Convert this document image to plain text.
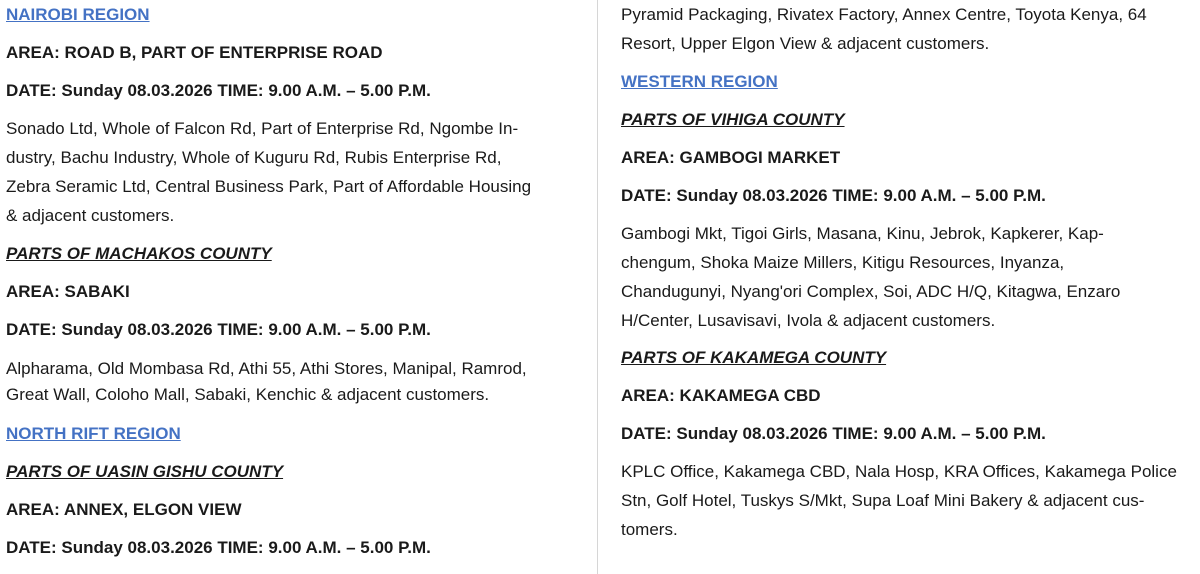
NAIROBI REGION
AREA: ROAD B, PART OF ENTERPRISE ROAD
DATE: Sunday 08.03.2026 TIME: 9.00 A.M. – 5.00 P.M.
Sonado Ltd, Whole of Falcon Rd, Part of Enterprise Rd, Ngombe In-
dustry, Bachu Industry, Whole of Kuguru Rd, Rubis Enterprise Rd,
Zebra Seramic Ltd, Central Business Park, Part of Affordable Housing
& adjacent customers.
PARTS OF MACHAKOS COUNTY
AREA: SABAKI
DATE: Sunday 08.03.2026 TIME: 9.00 A.M. – 5.00 P.M.
Alpharama, Old Mombasa Rd, Athi 55, Athi Stores, Manipal, Ramrod,
Great Wall, Coloho Mall, Sabaki, Kenchic & adjacent customers.
NORTH RIFT REGION
PARTS OF UASIN GISHU COUNTY
AREA: ANNEX, ELGON VIEW
DATE: Sunday 08.03.2026 TIME: 9.00 A.M. – 5.00 P.M.
Pyramid Packaging, Rivatex Factory, Annex Centre, Toyota Kenya, 64
Resort, Upper Elgon View & adjacent customers.
WESTERN REGION
PARTS OF VIHIGA COUNTY
AREA: GAMBOGI MARKET
DATE: Sunday 08.03.2026 TIME: 9.00 A.M. – 5.00 P.M.
Gambogi Mkt, Tigoi Girls, Masana, Kinu, Jebrok, Kapkerer, Kap-
chengum, Shoka Maize Millers, Kitigu Resources, Inyanza,
Chandugunyi, Nyang'ori Complex, Soi, ADC H/Q, Kitagwa, Enzaro
H/Center, Lusavisavi, Ivola & adjacent customers.
PARTS OF KAKAMEGA COUNTY
AREA: KAKAMEGA CBD
DATE: Sunday 08.03.2026 TIME: 9.00 A.M. – 5.00 P.M.
KPLC Office, Kakamega CBD, Nala Hosp, KRA Offices, Kakamega Police
Stn, Golf Hotel, Tuskys S/Mkt, Supa Loaf Mini Bakery & adjacent cus-
tomers.
